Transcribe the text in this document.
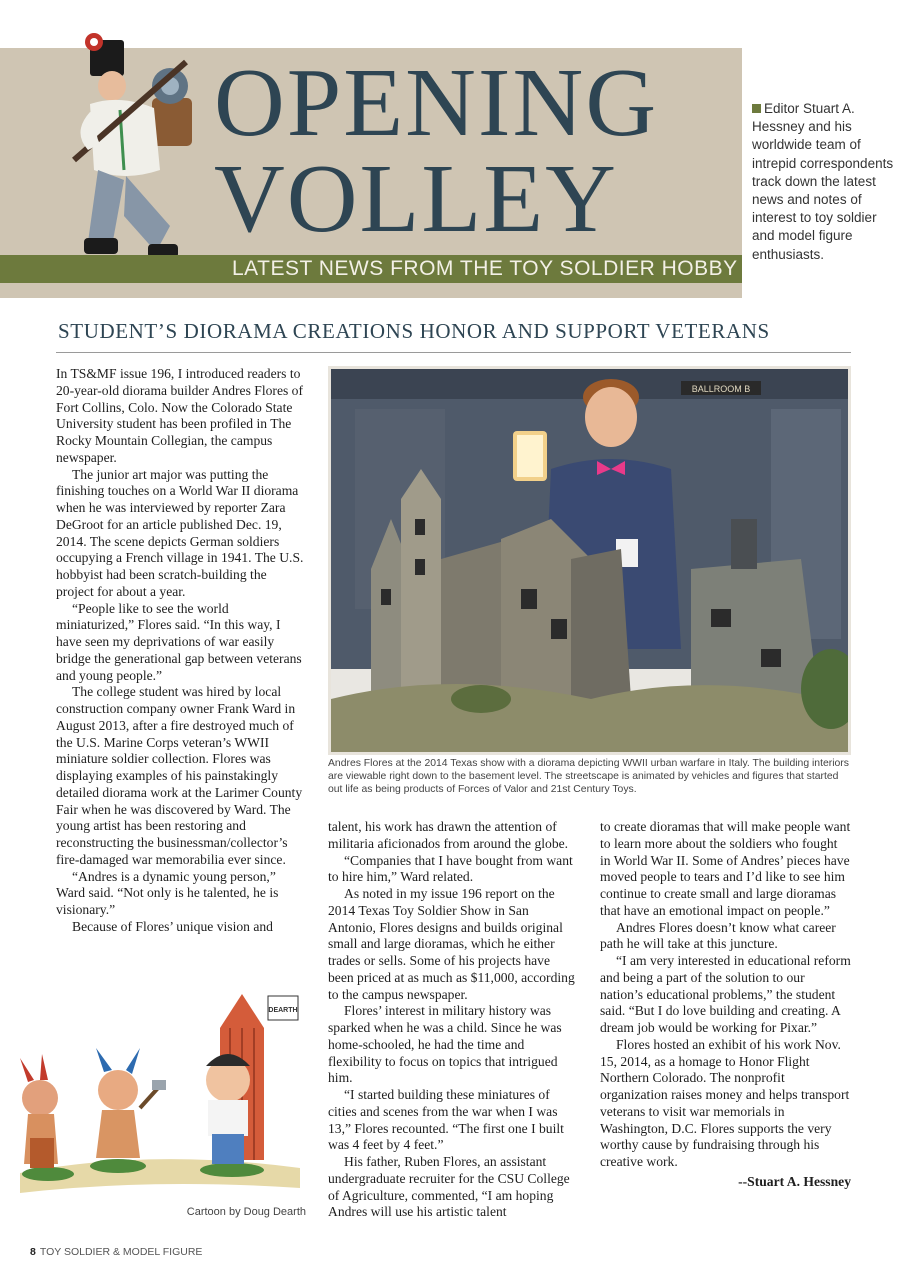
OPENING
VOLLEY
LATEST NEWS FROM THE TOY SOLDIER HOBBY
Editor Stuart A. Hessney and his worldwide team of intrepid correspondents track down the latest news and notes of interest to toy soldier and model figure enthusiasts.
STUDENT’S DIORAMA CREATIONS HONOR AND SUPPORT VETERANS

In TS&MF issue 196, I introduced readers to 20-year-old diorama builder Andres Flores of Fort Collins, Colo. Now the Colorado State University student has been profiled in The Rocky Mountain Collegian, the campus newspaper.

The junior art major was putting the finishing touches on a World War II diorama when he was interviewed by reporter Zara DeGroot for an article published Dec. 19, 2014. The scene depicts German soldiers occupying a French village in 1941. The U.S. hobbyist had been scratch-building the project for about a year.

“People like to see the world miniaturized,” Flores said. “In this way, I have seen my deprivations of war easily bridge the generational gap between veterans and young people.”

The college student was hired by local construction company owner Frank Ward in August 2013, after a fire destroyed much of the U.S. Marine Corps veteran’s WWII miniature soldier collection. Flores was displaying examples of his painstakingly detailed diorama work at the Larimer County Fair when he was discovered by Ward. The young artist has been restoring and reconstructing the businessman/collector’s fire-damaged war memorabilia ever since.

“Andres is a dynamic young person,” Ward said. “Not only is he talented, he is visionary.”

Because of Flores’ unique vision and

BALLROOM B
Andres Flores at the 2014 Texas show with a diorama depicting WWII urban warfare in Italy. The building interiors are viewable right down to the basement level. The streetscape is animated by vehicles and figures that started out life as being products of Forces of Valor and 21st Century Toys.

talent, his work has drawn the attention of militaria aficionados from around the globe.

“Companies that I have bought from want to hire him,” Ward related.

As noted in my issue 196 report on the 2014 Texas Toy Soldier Show in San Antonio, Flores designs and builds original small and large dioramas, which he either trades or sells. Some of his projects have been priced at as much as $11,000, according to the campus newspaper.

Flores’ interest in military history was sparked when he was a child. Since he was home-schooled, he had the time and flexibility to focus on topics that intrigued him.

“I started building these miniatures of cities and scenes from the war when I was 13,” Flores recounted. “The first one I built was 4 feet by 4 feet.”

His father, Ruben Flores, an assistant undergraduate recruiter for the CSU College of Agriculture, commented, “I am hoping Andres will use his artistic talent

to create dioramas that will make people want to learn more about the soldiers who fought in World War II. Some of Andres’ pieces have moved people to tears and I’d like to see him continue to create small and large dioramas that have an emotional impact on people.”

Andres Flores doesn’t know what career path he will take at this juncture.

“I am very interested in educational reform and being a part of the solution to our nation’s educational problems,” the student said. “But I do love building and creating. A dream job would be working for Pixar.”

Flores hosted an exhibit of his work Nov. 15, 2014, as a homage to Honor Flight Northern Colorado. The nonprofit organization raises money and helps transport veterans to visit war memorials in Washington, D.C. Flores supports the very worthy cause by fundraising through his creative work.

--Stuart A. Hessney
DEARTH
Cartoon by Doug Dearth
8 TOY SOLDIER & MODEL FIGURE
